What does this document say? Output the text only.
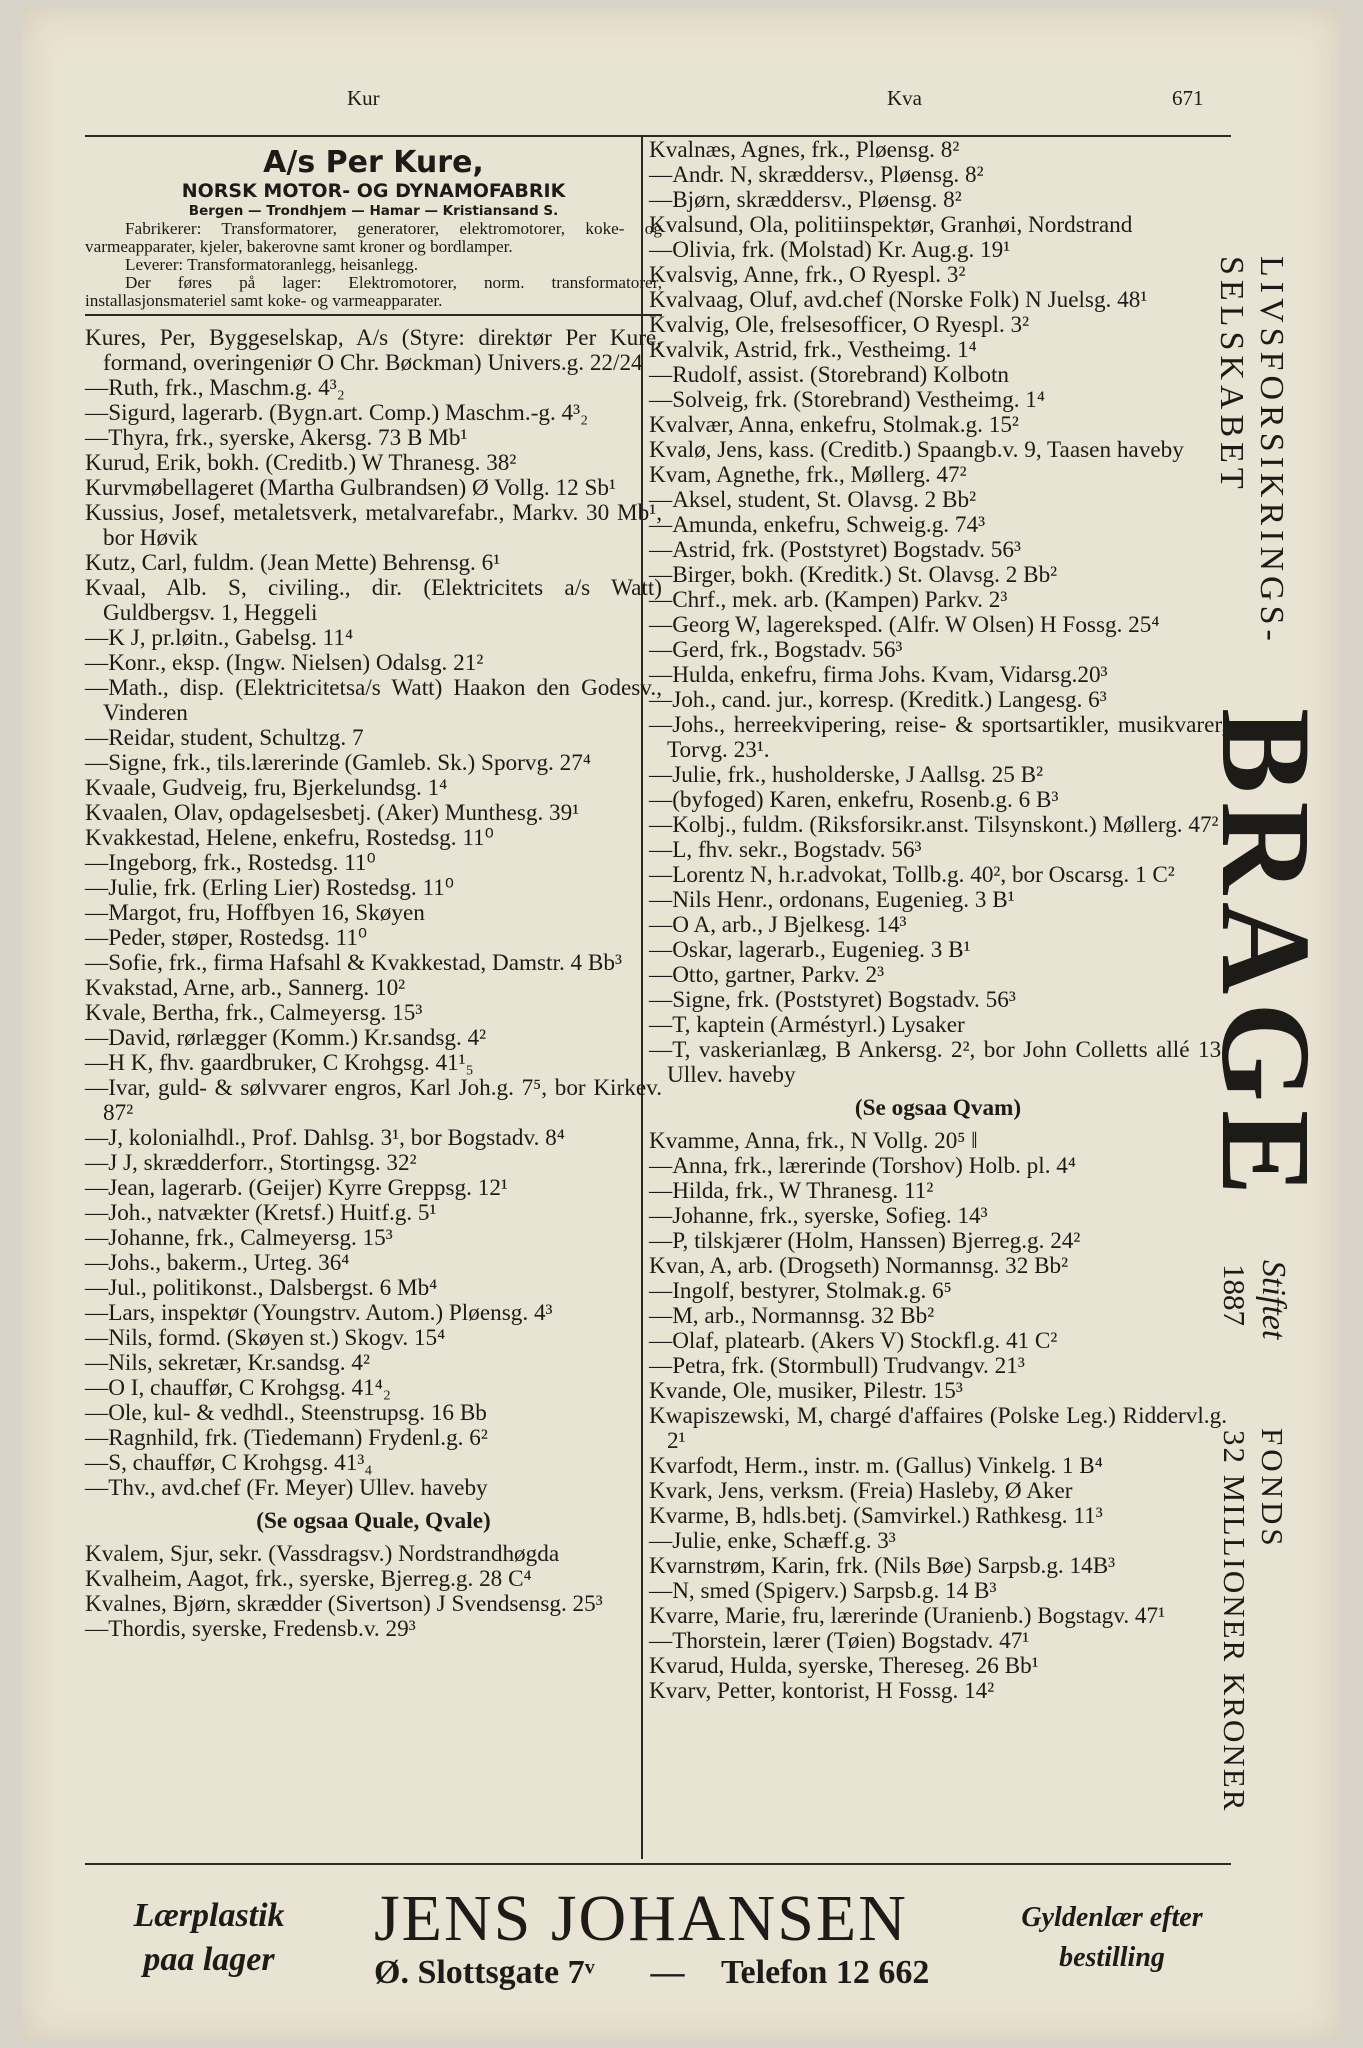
Kur	Kva	671
A/s Per Kure,
NORSK MOTOR- OG DYNAMOFABRIK
Bergen — Trondhjem — Hamar — Kristiansand S.
Fabrikerer: Transformatorer, generatorer, elektromotorer, koke- og varmeapparater, kjeler, bakerovne samt kroner og bordlamper.
Leverer: Transformatoranlegg, heisanlegg.
Der føres på lager: Elektromotorer, norm. transformatorer, installasjonsmateriel samt koke- og varmeapparater.
Kures, Per, Byggeselskap, A/s (Styre: direktør Per Kure, formand, overingeniør O Chr. Bøckman) Univers.g. 22/24
—Ruth, frk., Maschm.g. 4³₂
—Sigurd, lagerarb. (Bygn.art. Comp.) Maschm.-g. 4³₂
—Thyra, frk., syerske, Akersg. 73 B Mb¹
Kurud, Erik, bokh. (Creditb.) W Thranesg. 38²
Kurvmøbellageret (Martha Gulbrandsen) Ø Vollg. 12 Sb¹
Kussius, Josef, metaletsverk, metalvarefabr., Markv. 30 Mb¹, bor Høvik
Kutz, Carl, fuldm. (Jean Mette) Behrensg. 6¹
Kvaal, Alb. S, civiling., dir. (Elektricitets a/s Watt) Guldbergsv. 1, Heggeli
—K J, pr.løitn., Gabelsg. 11⁴
—Konr., eksp. (Ingw. Nielsen) Odalsg. 21²
—Math., disp. (Elektricitetsa/s Watt) Haakon den Godesv., Vinderen
—Reidar, student, Schultzg. 7
—Signe, frk., tils.lærerinde (Gamleb. Sk.) Sporvg. 27⁴
Kvaale, Gudveig, fru, Bjerkelundsg. 1⁴
Kvaalen, Olav, opdagelsesbetj. (Aker) Munthesg. 39¹
Kvakkestad, Helene, enkefru, Rostedsg. 11⁰
—Ingeborg, frk., Rostedsg. 11⁰
—Julie, frk. (Erling Lier) Rostedsg. 11⁰
—Margot, fru, Hoffbyen 16, Skøyen
—Peder, støper, Rostedsg. 11⁰
—Sofie, frk., firma Hafsahl & Kvakkestad, Damstr. 4 Bb³
Kvakstad, Arne, arb., Sannerg. 10²
Kvale, Bertha, frk., Calmeyersg. 15³
—David, rørlægger (Komm.) Kr.sandsg. 4²
—H K, fhv. gaardbruker, C Krohgsg. 41¹₅
—Ivar, guld- & sølvvarer engros, Karl Joh.g. 7⁵, bor Kirkev. 87²
—J, kolonialhdl., Prof. Dahlsg. 3¹, bor Bogstadv. 8⁴
—J J, skrædderforr., Stortingsg. 32²
—Jean, lagerarb. (Geijer) Kyrre Greppsg. 12¹
—Joh., natvækter (Kretsf.) Huitf.g. 5¹
—Johanne, frk., Calmeyersg. 15³
—Johs., bakerm., Urteg. 36⁴
—Jul., politikonst., Dalsbergst. 6 Mb⁴
—Lars, inspektør (Youngstrv. Autom.) Pløensg. 4³
—Nils, formd. (Skøyen st.) Skogv. 15⁴
—Nils, sekretær, Kr.sandsg. 4²
—O I, chauffør, C Krohgsg. 41⁴₂
—Ole, kul- & vedhdl., Steenstrupsg. 16 Bb
—Ragnhild, frk. (Tiedemann) Frydenl.g. 6²
—S, chauffør, C Krohgsg. 41³₄
—Thv., avd.chef (Fr. Meyer) Ullev. haveby
(Se ogsaa Quale, Qvale)
Kvalem, Sjur, sekr. (Vassdragsv.) Nordstrandhøgda
Kvalheim, Aagot, frk., syerske, Bjerreg.g. 28 C⁴
Kvalnes, Bjørn, skrædder (Sivertson) J Svendsensg. 25³
—Thordis, syerske, Fredensb.v. 29³
Kvalnæs, Agnes, frk., Pløensg. 8²
—Andr. N, skræddersv., Pløensg. 8²
—Bjørn, skræddersv., Pløensg. 8²
Kvalsund, Ola, politiinspektør, Granhøi, Nordstrand
—Olivia, frk. (Molstad) Kr. Aug.g. 19¹
Kvalsvig, Anne, frk., O Ryespl. 3²
Kvalvaag, Oluf, avd.chef (Norske Folk) N Juelsg. 48¹
Kvalvig, Ole, frelsesofficer, O Ryespl. 3²
Kvalvik, Astrid, frk., Vestheimg. 1⁴
—Rudolf, assist. (Storebrand) Kolbotn
—Solveig, frk. (Storebrand) Vestheimg. 1⁴
Kvalvær, Anna, enkefru, Stolmak.g. 15²
Kvalø, Jens, kass. (Creditb.) Spaangb.v. 9, Taasen haveby
Kvam, Agnethe, frk., Møllerg. 47²
—Aksel, student, St. Olavsg. 2 Bb²
—Amunda, enkefru, Schweig.g. 74³
—Astrid, frk. (Poststyret) Bogstadv. 56³
—Birger, bokh. (Kreditk.) St. Olavsg. 2 Bb²
—Chrf., mek. arb. (Kampen) Parkv. 2³
—Georg W, lagereksped. (Alfr. W Olsen) H Fossg. 25⁴
—Gerd, frk., Bogstadv. 56³
—Hulda, enkefru, firma Johs. Kvam, Vidarsg.20³
—Joh., cand. jur., korresp. (Kreditk.) Langesg. 6³
—Johs., herreekvipering, reise- & sportsartikler, musikvarer, Torvg. 23¹.
—Julie, frk., husholderske, J Aallsg. 25 B²
—(byfoged) Karen, enkefru, Rosenb.g. 6 B³
—Kolbj., fuldm. (Riksforsikr.anst. Tilsynskont.) Møllerg. 47²
—L, fhv. sekr., Bogstadv. 56³
—Lorentz N, h.r.advokat, Tollb.g. 40², bor Oscarsg. 1 C²
—Nils Henr., ordonans, Eugenieg. 3 B¹
—O A, arb., J Bjelkesg. 14³
—Oskar, lagerarb., Eugenieg. 3 B¹
—Otto, gartner, Parkv. 2³
—Signe, frk. (Poststyret) Bogstadv. 56³
—T, kaptein (Arméstyrl.) Lysaker
—T, vaskerianlæg, B Ankersg. 2², bor John Colletts allé 13, Ullev. haveby
(Se ogsaa Qvam)
Kvamme, Anna, frk., N Vollg. 20⁵ ‖
—Anna, frk., lærerinde (Torshov) Holb. pl. 4⁴
—Hilda, frk., W Thranesg. 11²
—Johanne, frk., syerske, Sofieg. 14³
—P, tilskjærer (Holm, Hanssen) Bjerreg.g. 24²
Kvan, A, arb. (Drogseth) Normannsg. 32 Bb²
—Ingolf, bestyrer, Stolmak.g. 6⁵
—M, arb., Normannsg. 32 Bb²
—Olaf, platearb. (Akers V) Stockfl.g. 41 C²
—Petra, frk. (Stormbull) Trudvangv. 21³
Kvande, Ole, musiker, Pilestr. 15³
Kwapiszewski, M, chargé d'affaires (Polske Leg.) Riddervl.g. 2¹
Kvarfodt, Herm., instr. m. (Gallus) Vinkelg. 1 B⁴
Kvark, Jens, verksm. (Freia) Hasleby, Ø Aker
Kvarme, B, hdls.betj. (Samvirkel.) Rathkesg. 11³
—Julie, enke, Schæff.g. 3³
Kvarnstrøm, Karin, frk. (Nils Bøe) Sarpsb.g. 14B³
—N, smed (Spigerv.) Sarpsb.g. 14 B³
Kvarre, Marie, fru, lærerinde (Uranienb.) Bogstagv. 47¹
—Thorstein, lærer (Tøien) Bogstadv. 47¹
Kvarud, Hulda, syerske, Thereseg. 26 Bb¹
Kvarv, Petter, kontorist, H Fossg. 14²
LIVSFORSIKRINGS-
SELSKABET
BRAGE
Stiftet
1887
FONDS
32 MILLIONER KRONER
Lærplastik
paa lager
JENS JOHANSEN
Ø. Slottsgate 7ᵛ — Telefon 12 662
Gyldenlær efter
bestilling
